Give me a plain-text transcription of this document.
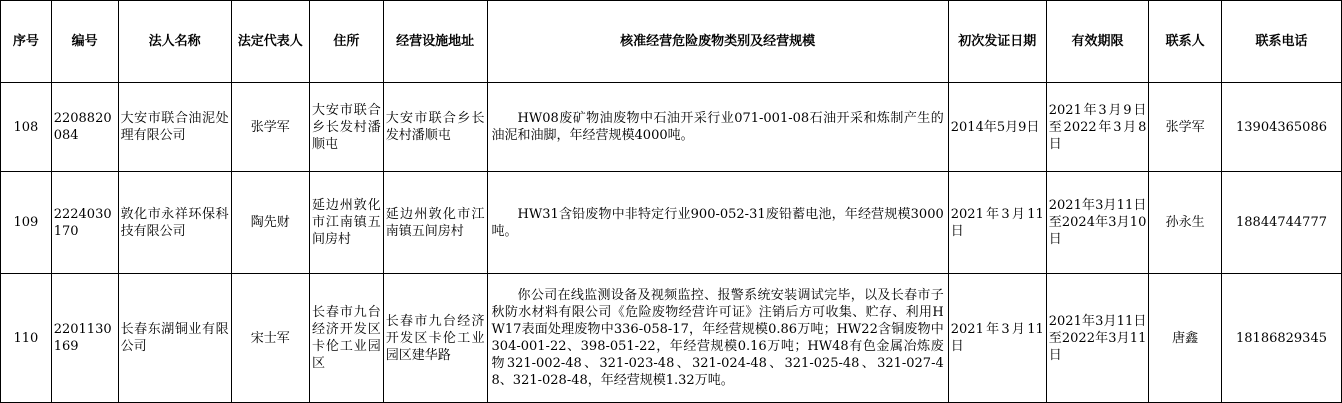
序号	编号	法人名称	法定代表人	住所	经营设施地址	核准经营危险废物类别及经营规模	初次发证日期	有效期限	联系人	联系电话
108	2208820084	大安市联合油泥处理有限公司	张学军	大安市联合乡长发村潘顺屯	大安市联合乡长发村潘顺屯	HW08废矿物油废物中石油开采行业071-001-08石油开采和炼制产生的油泥和油脚，年经营规模4000吨。	2014年5月9日	2021年3月9日至2022年3月8日	张学军	13904365086
109	2224030170	敦化市永祥环保科技有限公司	陶先财	延边州敦化市江南镇五间房村	延边州敦化市江南镇五间房村	HW31含铅废物中非特定行业900-052-31废铅蓄电池，年经营规模3000吨。	2021年3月11日	2021年3月11日至2024年3月10日	孙永生	18844744777
110	2201130169	长春东湖铜业有限公司	宋士军	长春市九台经济开发区卡伦工业园区	长春市九台经济开发区卡伦工业园区建华路	你公司在线监测设备及视频监控、报警系统安装调试完毕，以及长春市子秋防水材料有限公司《危险废物经营许可证》注销后方可收集、贮存、利用HW17表面处理废物中336-058-17，年经营规模0.86万吨；HW22含铜废物中304-001-22、398-051-22，年经营规模0.16万吨；HW48有色金属冶炼废物321-002-48、321-023-48、321-024-48、321-025-48、321-027-48、321-028-48，年经营规模1.32万吨。	2021年3月11日	2021年3月11日至2022年3月11日	唐鑫	18186829345
